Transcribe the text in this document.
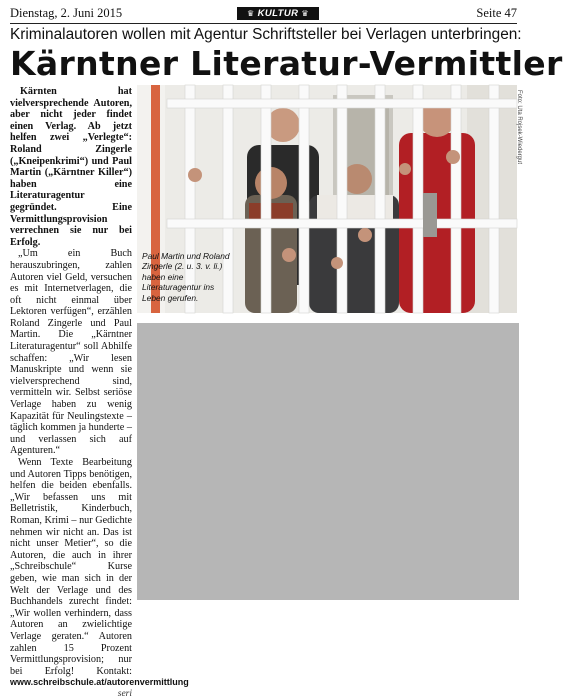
Dienstag, 2. Juni 2015	♛ KULTUR ♛	Seite 47
Kriminalautoren wollen mit Agentur Schriftsteller bei Verlagen unterbringen:
Kärntner Literatur-Vermittler

Kärnten hat vielversprechende Autoren, aber nicht jeder findet einen Verlag. Ab jetzt helfen zwei „Verlegte“: Roland Zingerle („Kneipenkrimi“) und Paul Martin („Kärntner Killer“) haben eine Literaturagentur gegründet. Eine Vermittlungsprovision verrechnen sie nur bei Erfolg.

„Um ein Buch herauszubringen, zahlen Autoren viel Geld, versuchen es mit Internetverlagen, die oft nicht einmal über Lektoren verfügen“, erzählen Roland Zingerle und Paul Martin. Die „Kärntner Literaturagentur“ soll Abhilfe schaffen: „Wir lesen Manuskripte und wenn sie vielversprechend sind, vermitteln wir. Selbst seriöse Verlage haben zu wenig Kapazität für Neulingstexte – täglich kommen ja hunderte – und verlassen sich auf Agenturen.“

Wenn Texte Bearbeitung und Autoren Tipps benötigen, helfen die beiden ebenfalls. „Wir befassen uns mit Belletristik, Kinderbuch, Roman, Krimi – nur Gedichte nehmen wir nicht an. Das ist nicht unser Metier“, so die Autoren, die auch in ihrer „Schreibschule“ Kurse geben, wie man sich in der Welt der Verlage und des Buchhandels zurecht findet: „Wir wollen verhindern, dass Autoren an zwielichtige Verlage geraten.“ Autoren zahlen 15 Prozent Vermittlungsprovision; nur bei Erfolg! Kontakt: www.schreibschule.at/autorenvermittlung
seri

Paul Martin und Roland Zingerle (2. u. 3. v. li.) haben eine Literaturagentur ins Leben gerufen.
Foto: Uta Rojsek-Wiedergut
